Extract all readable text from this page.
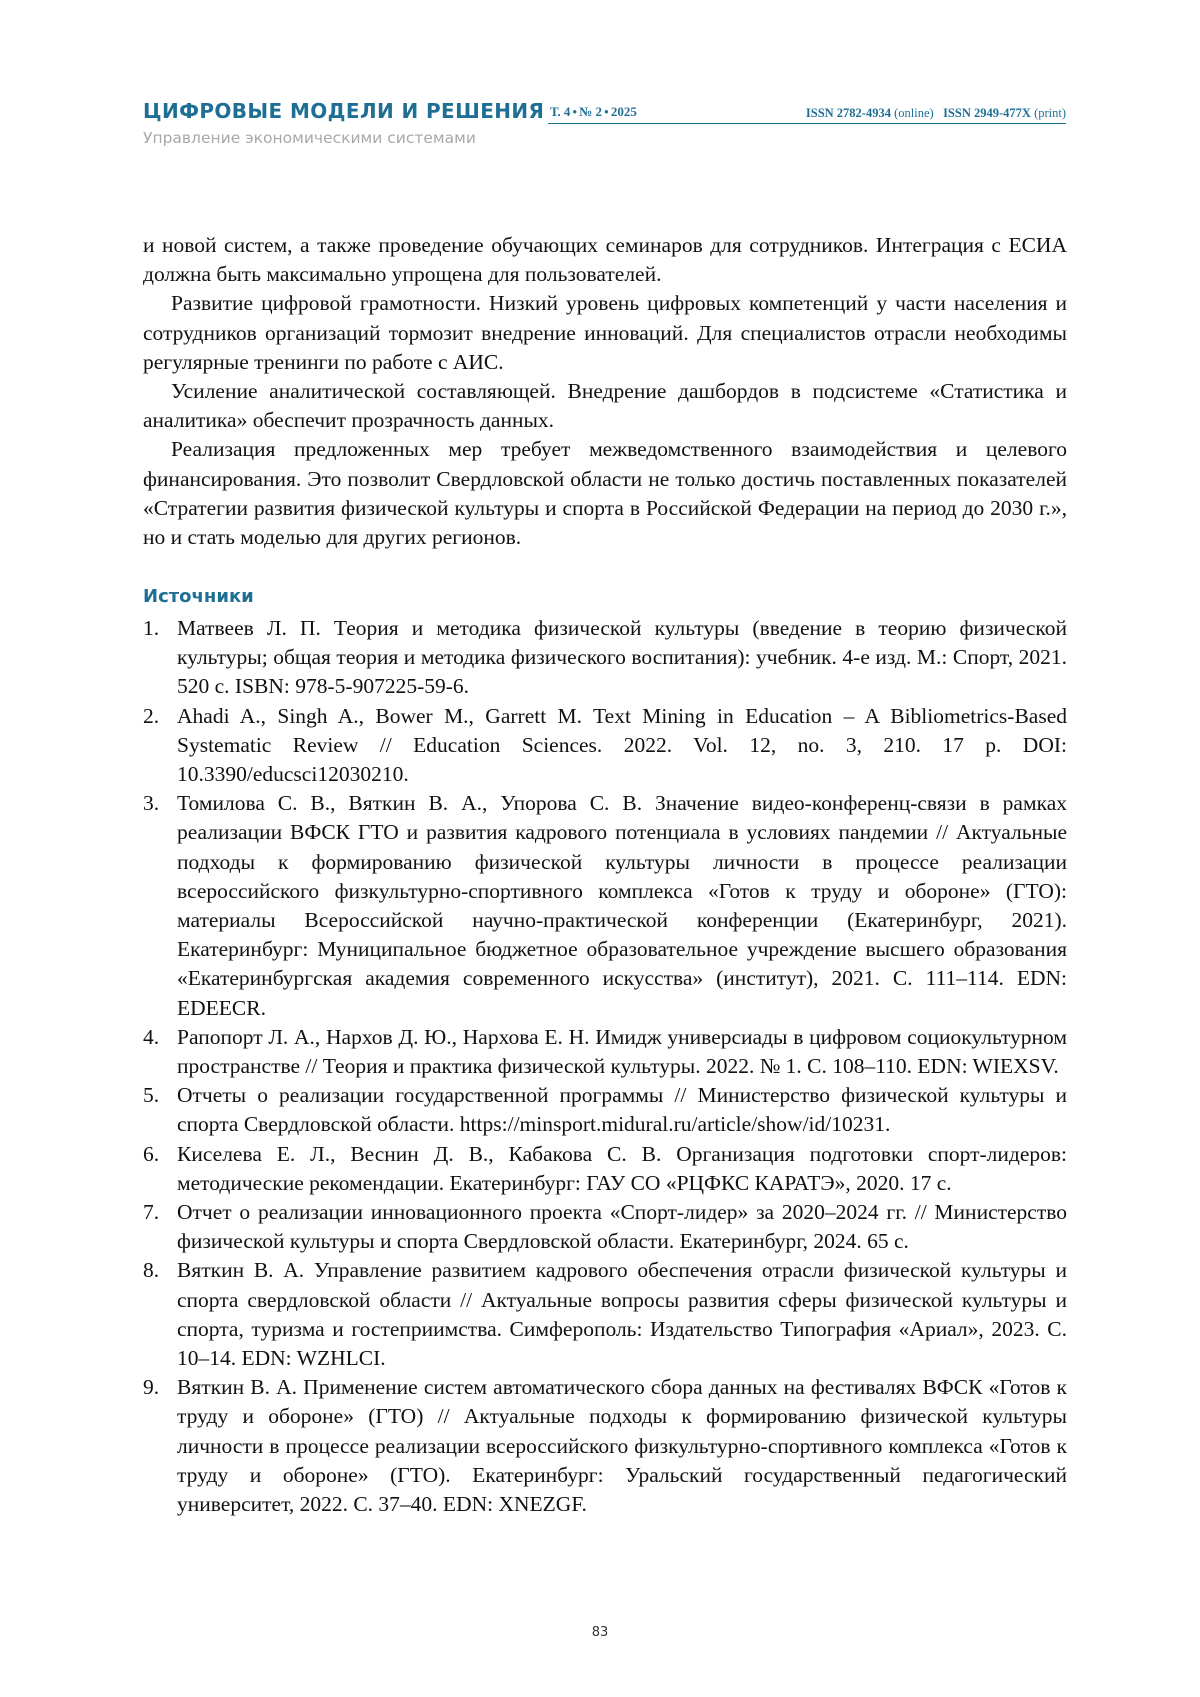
ЦИФРОВЫЕ МОДЕЛИ И РЕШЕНИЯ
Управление экономическими системами
Т. 4 ● № 2 ● 2025	ISSN 2782-4934 (online) ISSN 2949-477X (print)

и новой систем, а также проведение обучающих семинаров для сотрудников. Интеграция с ЕСИА должна быть максимально упрощена для пользователей.

Развитие цифровой грамотности. Низкий уровень цифровых компетенций у части населения и сотрудников организаций тормозит внедрение инноваций. Для специалистов отрасли необходимы регулярные тренинги по работе с АИС.

Усиление аналитической составляющей. Внедрение дашбордов в подсистеме «Статистика и аналитика» обеспечит прозрачность данных.

Реализация предложенных мер требует межведомственного взаимодействия и целевого финансирования. Это позволит Свердловской области не только достичь поставленных показателей «Стратегии развития физической культуры и спорта в Российской Федерации на период до 2030 г.», но и стать моделью для других регионов.

Источники
1. Матвеев Л. П. Теория и методика физической культуры (введение в теорию физической культуры; общая теория и методика физического воспитания): учебник. 4-е изд. М.: Спорт, 2021. 520 с. ISBN: 978-5-907225-59-6.
2. Ahadi A., Singh A., Bower M., Garrett M. Text Mining in Education – A Bibliometrics-Based Systematic Review // Education Sciences. 2022. Vol. 12, no. 3, 210. 17 p. DOI: 10.3390/educsci12030210.
3. Томилова С. В., Вяткин В. А., Упорова С. В. Значение видео-конференц-связи в рамках реализации ВФСК ГТО и развития кадрового потенциала в условиях пандемии // Актуальные подходы к формированию физической культуры личности в процессе реализации всероссийского физкультурно-спортивного комплекса «Готов к труду и обороне» (ГТО): материалы Всероссийской научно-практической конференции (Екатеринбург, 2021). Екатеринбург: Муниципальное бюджетное образовательное учреждение высшего образования «Екатеринбургская академия современного искусства» (институт), 2021. С. 111–114. EDN: EDEECR.
4. Рапопорт Л. А., Нархов Д. Ю., Нархова Е. Н. Имидж универсиады в цифровом социокультурном пространстве // Теория и практика физической культуры. 2022. № 1. С. 108–110. EDN: WIEXSV.
5. Отчеты о реализации государственной программы // Министерство физической культуры и спорта Свердловской области. https://minsport.midural.ru/article/show/id/10231.
6. Киселева Е. Л., Веснин Д. В., Кабакова С. В. Организация подготовки спорт-лидеров: методические рекомендации. Екатеринбург: ГАУ СО «РЦФКС КАРАТЭ», 2020. 17 с.
7. Отчет о реализации инновационного проекта «Спорт-лидер» за 2020–2024 гг. // Министерство физической культуры и спорта Свердловской области. Екатеринбург, 2024. 65 с.
8. Вяткин В. А. Управление развитием кадрового обеспечения отрасли физической культуры и спорта свердловской области // Актуальные вопросы развития сферы физической культуры и спорта, туризма и гостеприимства. Симферополь: Издательство Типография «Ариал», 2023. С. 10–14. EDN: WZHLCI.
9. Вяткин В. А. Применение систем автоматического сбора данных на фестивалях ВФСК «Готов к труду и обороне» (ГТО) // Актуальные подходы к формированию физической культуры личности в процессе реализации всероссийского физкультурно-спортивного комплекса «Готов к труду и обороне» (ГТО). Екатеринбург: Уральский государственный педагогический университет, 2022. С. 37–40. EDN: XNEZGF.
83
